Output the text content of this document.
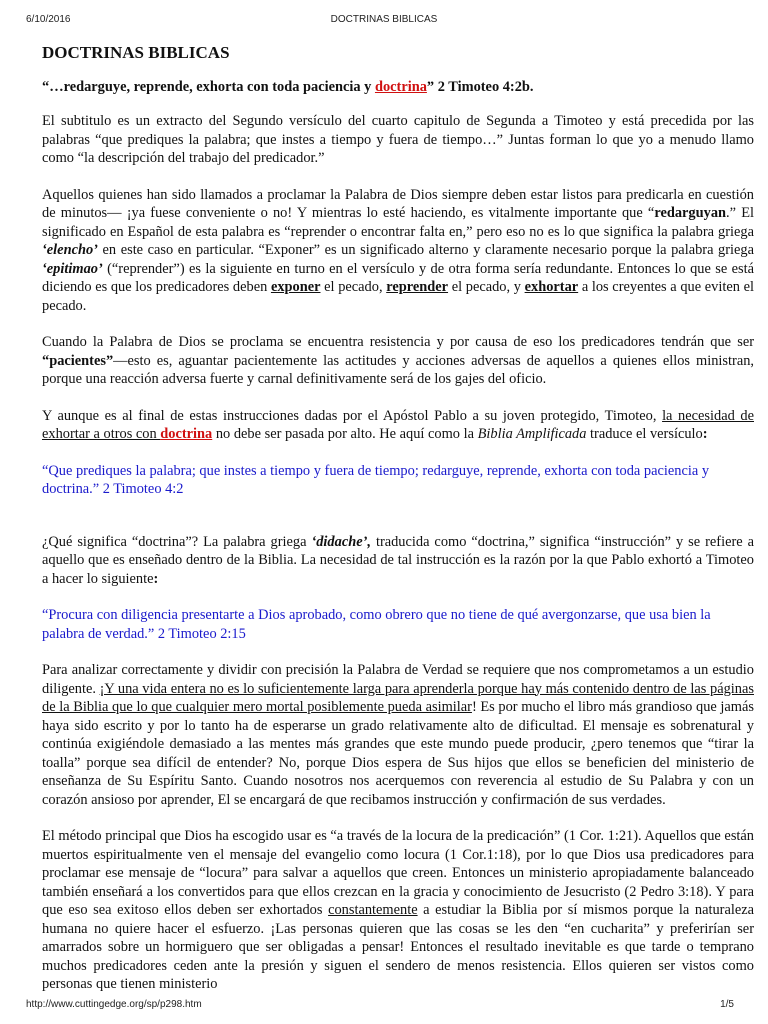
6/10/2016	DOCTRINAS BIBLICAS
DOCTRINAS BIBLICAS

“…redarguye, reprende, exhorta con toda paciencia y doctrina” 2 Timoteo 4:2b.

El subtitulo es un extracto del Segundo versículo del cuarto capitulo de Segunda a Timoteo y está precedida por las palabras “que prediques la palabra; que instes a tiempo y fuera de tiempo…” Juntas forman lo que yo a menudo llamo como “la descripción del trabajo del predicador.”

Aquellos quienes han sido llamados a proclamar la Palabra de Dios siempre deben estar listos para predicarla en cuestión de minutos— ¡ya fuese conveniente o no! Y mientras lo esté haciendo, es vitalmente importante que “redarguyan.” El significado en Español de esta palabra es “reprender o encontrar falta en,” pero eso no es lo que significa la palabra griega ‘elencho’ en este caso en particular. “Exponer” es un significado alterno y claramente necesario porque la palabra griega ‘epitimao’ (“reprender”) es la siguiente en turno en el versículo y de otra forma sería redundante. Entonces lo que se está diciendo es que los predicadores deben exponer el pecado, reprender el pecado, y exhortar a los creyentes a que eviten el pecado.

Cuando la Palabra de Dios se proclama se encuentra resistencia y por causa de eso los predicadores tendrán que ser “pacientes”—esto es, aguantar pacientemente las actitudes y acciones adversas de aquellos a quienes ellos ministran, porque una reacción adversa fuerte y carnal definitivamente será de los gajes del oficio.

Y aunque es al final de estas instrucciones dadas por el Apóstol Pablo a su joven protegido, Timoteo, la necesidad de exhortar a otros con doctrina no debe ser pasada por alto. He aquí como la Biblia Amplificada traduce el versículo:

“Que prediques la palabra; que instes a tiempo y fuera de tiempo; redarguye, reprende, exhorta con toda paciencia y doctrina.” 2 Timoteo 4:2

¿Qué significa “doctrina”? La palabra griega ‘didache’, traducida como “doctrina,” significa “instrucción” y se refiere a aquello que es enseñado dentro de la Biblia. La necesidad de tal instrucción es la razón por la que Pablo exhortó a Timoteo a hacer lo siguiente:

“Procura con diligencia presentarte a Dios aprobado, como obrero que no tiene de qué avergonzarse, que usa bien la palabra de verdad.” 2 Timoteo 2:15

Para analizar correctamente y dividir con precisión la Palabra de Verdad se requiere que nos comprometamos a un estudio diligente. ¡Y una vida entera no es lo suficientemente larga para aprenderla porque hay más contenido dentro de las páginas de la Biblia que lo que cualquier mero mortal posiblemente pueda asimilar! Es por mucho el libro más grandioso que jamás haya sido escrito y por lo tanto ha de esperarse un grado relativamente alto de dificultad. El mensaje es sobrenatural y continúa exigiéndole demasiado a las mentes más grandes que este mundo puede producir, ¿pero tenemos que “tirar la toalla” porque sea difícil de entender? No, porque Dios espera de Sus hijos que ellos se beneficien del ministerio de enseñanza de Su Espíritu Santo. Cuando nosotros nos acerquemos con reverencia al estudio de Su Palabra y con un corazón ansioso por aprender, El se encargará de que recibamos instrucción y confirmación de sus verdades.

El método principal que Dios ha escogido usar es “a través de la locura de la predicación” (1 Cor. 1:21). Aquellos que están muertos espiritualmente ven el mensaje del evangelio como locura (1 Cor.1:18), por lo que Dios usa predicadores para proclamar ese mensaje de “locura” para salvar a aquellos que creen. Entonces un ministerio apropiadamente balanceado también enseñará a los convertidos para que ellos crezcan en la gracia y conocimiento de Jesucristo (2 Pedro 3:18). Y para que eso sea exitoso ellos deben ser exhortados constantemente a estudiar la Biblia por sí mismos porque la naturaleza humana no quiere hacer el esfuerzo. ¡Las personas quieren que las cosas se les den “en cucharita” y preferirían ser amarrados sobre un hormiguero que ser obligadas a pensar! Entonces el resultado inevitable es que tarde o temprano muchos predicadores ceden ante la presión y siguen el sendero de menos resistencia. Ellos quieren ser vistos como personas que tienen ministerio

http://www.cuttingedge.org/sp/p298.htm	1/5
